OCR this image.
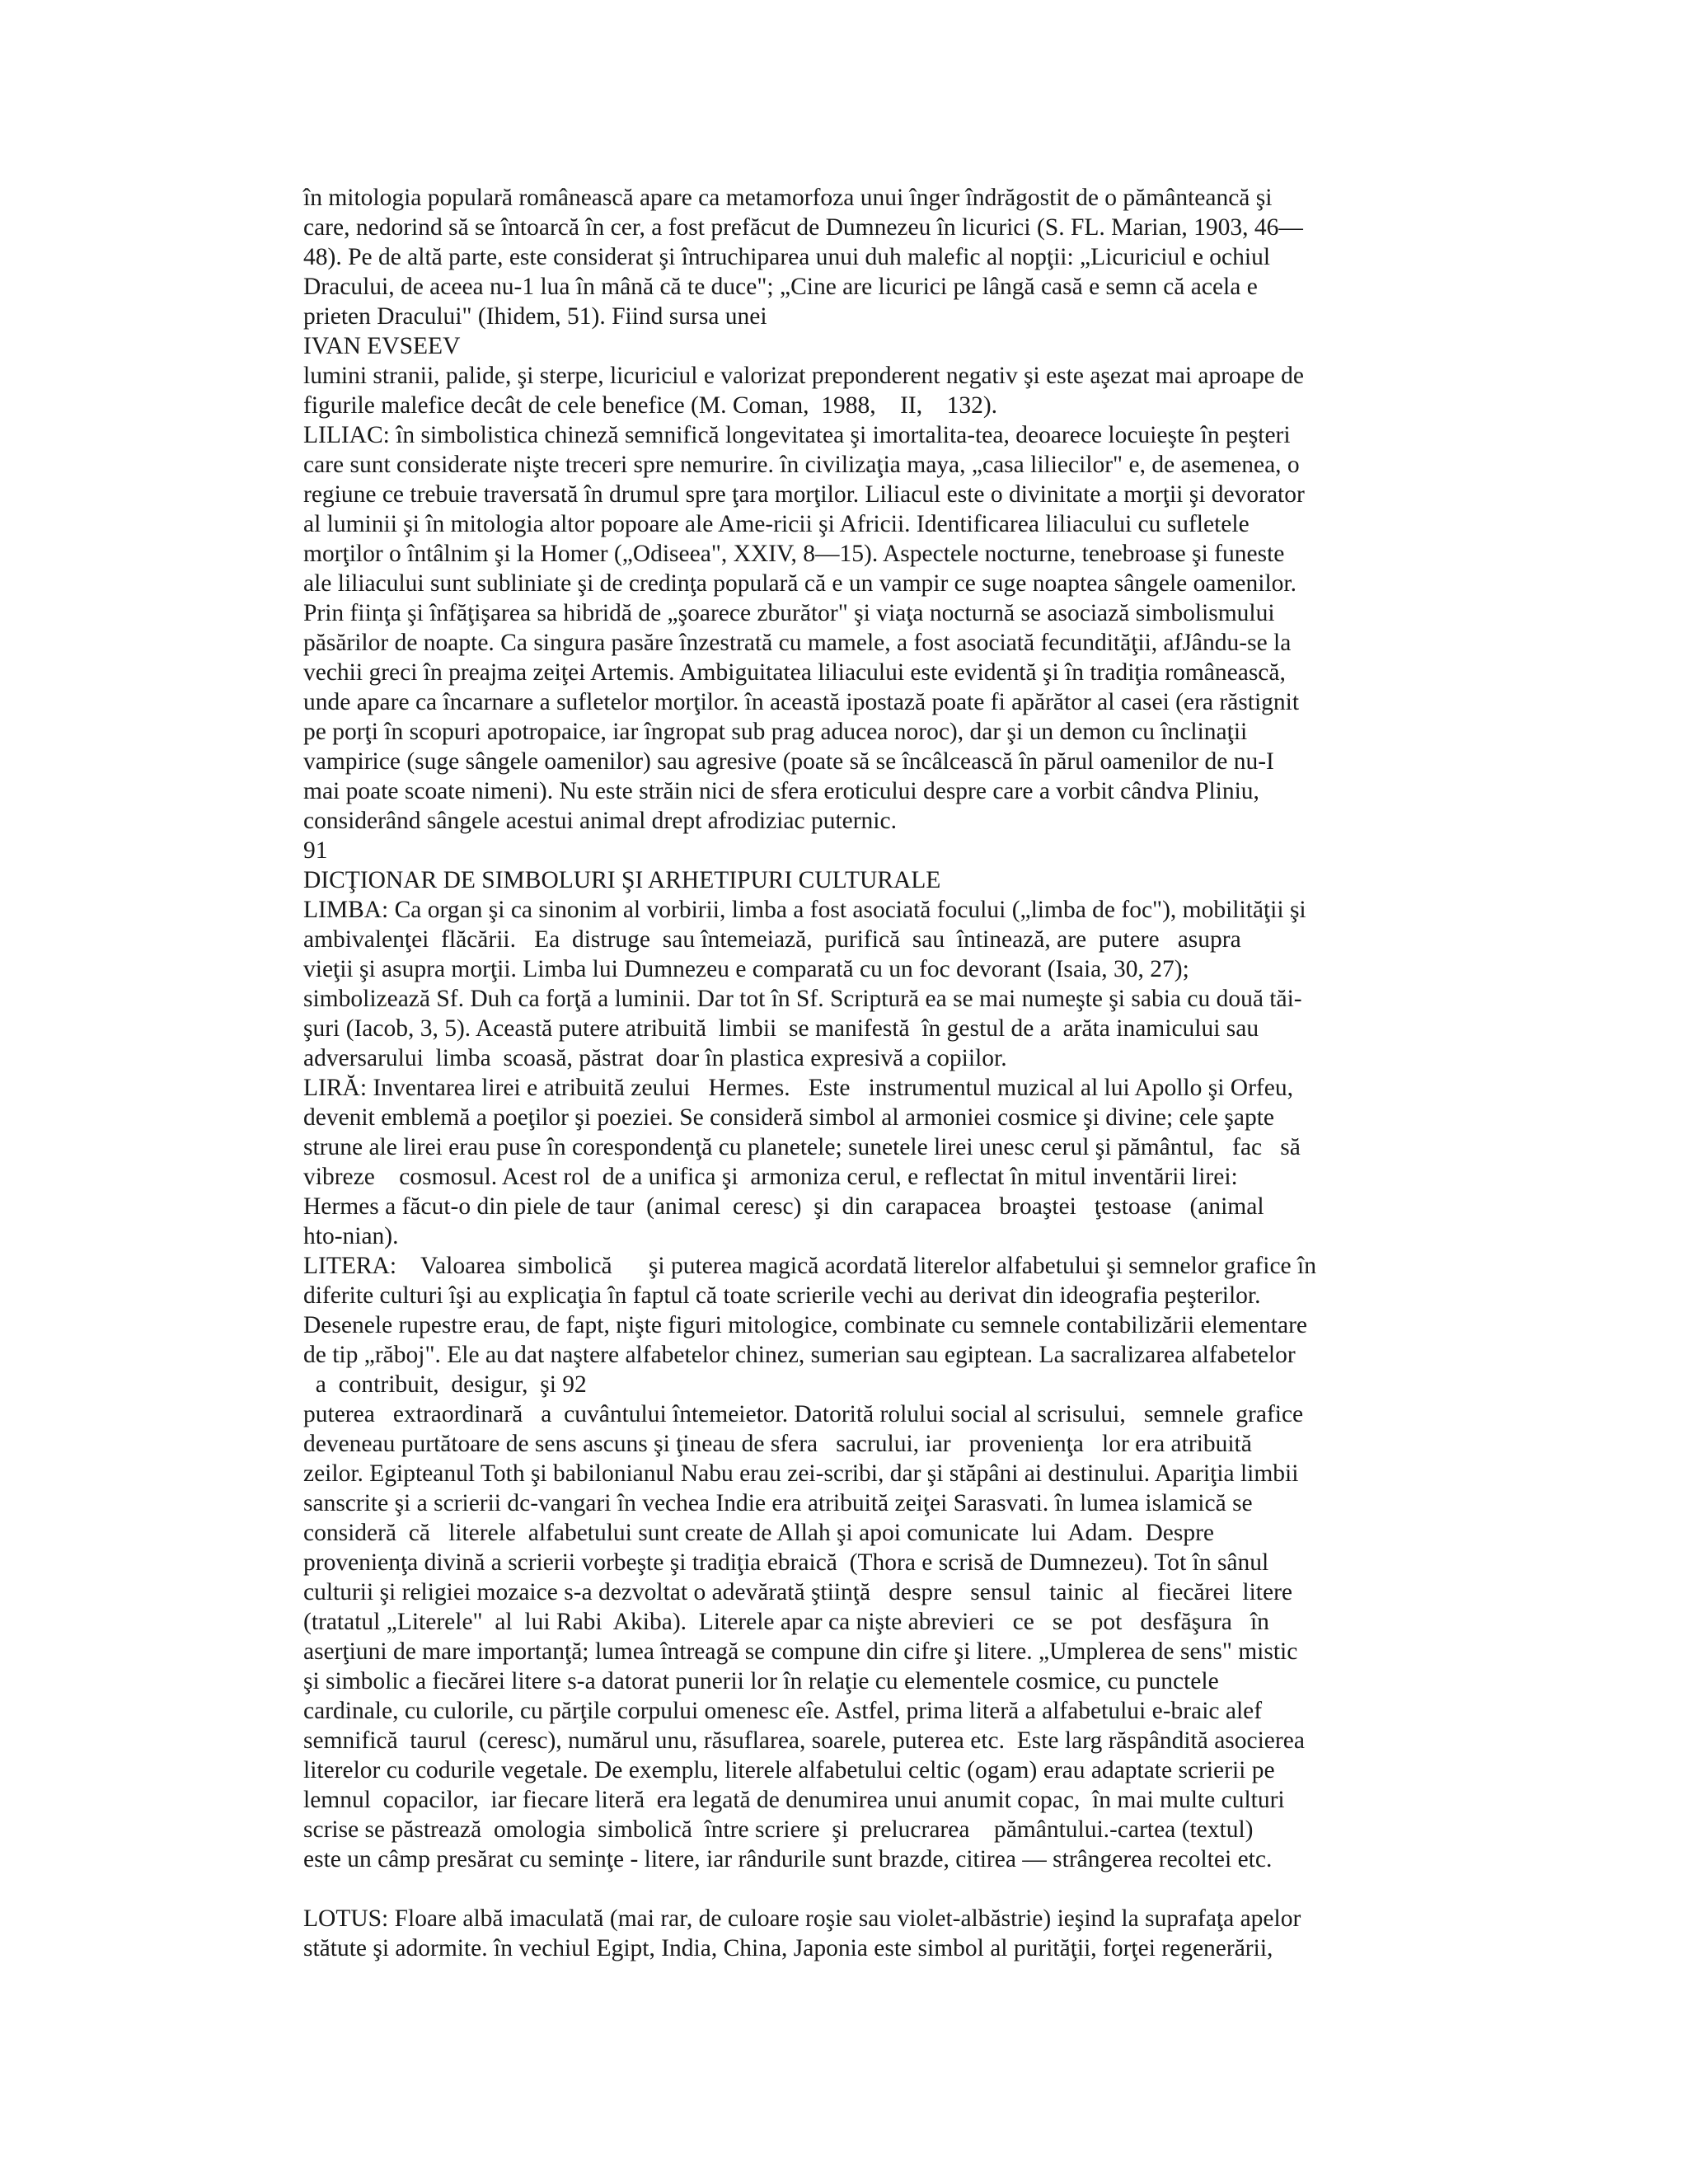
în mitologia populară românească apare ca metamorfoza unui înger îndrăgostit de o pământeancă şi
care, nedorind să se întoarcă în cer, a fost prefăcut de Dumnezeu în licurici (S. FL. Marian, 1903, 46—
48). Pe de altă parte, este considerat şi întruchiparea unui duh malefic al nopţii: „Licuriciul e ochiul
Dracului, de aceea nu-1 lua în mână că te duce"; „Cine are licurici pe lângă casă e semn că acela e
prieten Dracului" (Ihidem, 51). Fiind sursa unei
IVAN EVSEEV
lumini stranii, palide, şi sterpe, licuriciul e valorizat preponderent negativ şi este aşezat mai aproape de
figurile malefice decât de cele benefice (M. Coman,  1988,    II,    132).
LILIAC: în simbolistica chineză semnifică longevitatea şi imortalita-tea, deoarece locuieşte în peşteri
care sunt considerate nişte treceri spre nemurire. în civilizaţia maya, „casa liliecilor" e, de asemenea, o
regiune ce trebuie traversată în drumul spre ţara morţilor. Liliacul este o divinitate a morţii şi devorator
al luminii şi în mitologia altor popoare ale Ame-ricii şi Africii. Identificarea liliacului cu sufletele
morţilor o întâlnim şi la Homer („Odiseea", XXIV, 8—15). Aspectele nocturne, tenebroase şi funeste
ale liliacului sunt subliniate şi de credinţa populară că e un vampir ce suge noaptea sângele oamenilor.
Prin fiinţa şi înfăţişarea sa hibridă de „şoarece zburător" şi viaţa nocturnă se asociază simbolismului
păsărilor de noapte. Ca singura pasăre înzestrată cu mamele, a fost asociată fecundităţii, afJându-se la
vechii greci în preajma zeiţei Artemis. Ambiguitatea liliacului este evidentă şi în tradiţia românească,
unde apare ca încarnare a sufletelor morţilor. în această ipostază poate fi apărător al casei (era răstignit
pe porţi în scopuri apotropaice, iar îngropat sub prag aducea noroc), dar şi un demon cu înclinaţii
vampirice (suge sângele oamenilor) sau agresive (poate să se încâlcească în părul oamenilor de nu-I
mai poate scoate nimeni). Nu este străin nici de sfera eroticului despre care a vorbit cândva Pliniu,
considerând sângele acestui animal drept afrodiziac puternic.
91
DICŢIONAR DE SIMBOLURI ŞI ARHETIPURI CULTURALE
LIMBA: Ca organ şi ca sinonim al vorbirii, limba a fost asociată focului („limba de foc"), mobilităţii şi
ambivalenţei  flăcării.   Ea  distruge  sau întemeiază,  purifică  sau  întinează, are  putere   asupra
vieţii şi asupra morţii. Limba lui Dumnezeu e comparată cu un foc devorant (Isaia, 30, 27);
simbolizează Sf. Duh ca forţă a luminii. Dar tot în Sf. Scriptură ea se mai numeşte şi sabia cu două tăi-
şuri (Iacob, 3, 5). Această putere atribuită  limbii  se manifestă  în gestul de a  arăta inamicului sau
adversarului  limba  scoasă, păstrat  doar în plastica expresivă a copiilor.
LIRĂ: Inventarea lirei e atribuită zeului   Hermes.   Este   instrumentul muzical al lui Apollo şi Orfeu,
devenit emblemă a poeţilor şi poeziei. Se consideră simbol al armoniei cosmice şi divine; cele şapte
strune ale lirei erau puse în corespondenţă cu planetele; sunetele lirei unesc cerul şi pământul,   fac   să
vibreze    cosmosul. Acest rol  de a unifica şi  armoniza cerul, e reflectat în mitul inventării lirei:
Hermes a făcut-o din piele de taur  (animal  ceresc)  şi  din  carapacea   broaştei   ţestoase   (animal
hto-nian).
LITERA:    Valoarea  simbolică      şi puterea magică acordată literelor alfabetului şi semnelor grafice în
diferite culturi îşi au explicaţia în faptul că toate scrierile vechi au derivat din ideografia peşterilor.
Desenele rupestre erau, de fapt, nişte figuri mitologice, combinate cu semnele contabilizării elementare
de tip „răboj". Ele au dat naştere alfabetelor chinez, sumerian sau egiptean. La sacralizarea alfabetelor
a  contribuit,  desigur,  şi 92
puterea   extraordinară   a  cuvântului întemeietor. Datorită rolului social al scrisului,   semnele  grafice
deveneau purtătoare de sens ascuns şi ţineau de sfera   sacrului, iar   provenienţa   lor era atribuită
zeilor. Egipteanul Toth şi babilonianul Nabu erau zei-scribi, dar şi stăpâni ai destinului. Apariţia limbii
sanscrite şi a scrierii dc-vangari în vechea Indie era atribuită zeiţei Sarasvati. în lumea islamică se
consideră  că   literele  alfabetului sunt create de Allah şi apoi comunicate  lui  Adam.  Despre
provenienţa divină a scrierii vorbeşte şi tradiţia ebraică  (Thora e scrisă de Dumnezeu). Tot în sânul
culturii şi religiei mozaice s-a dezvoltat o adevărată ştiinţă   despre   sensul   tainic   al   fiecărei  litere
(tratatul „Literele"  al  lui Rabi  Akiba).  Literele apar ca nişte abrevieri   ce   se   pot   desfăşura   în
aserţiuni de mare importanţă; lumea întreagă se compune din cifre şi litere. „Umplerea de sens" mistic
şi simbolic a fiecărei litere s-a datorat punerii lor în relaţie cu elementele cosmice, cu punctele
cardinale, cu culorile, cu părţile corpului omenesc eîe. Astfel, prima literă a alfabetului e-braic alef
semnifică  taurul  (ceresc), numărul unu, răsuflarea, soarele, puterea etc.  Este larg răspândită asocierea
literelor cu codurile vegetale. De exemplu, literele alfabetului celtic (ogam) erau adaptate scrierii pe
lemnul  copacilor,  iar fiecare literă  era legată de denumirea unui anumit copac,  în mai multe culturi
scrise se păstrează  omologia  simbolică  între scriere  şi  prelucrarea    pământului.-cartea (textul)
este un câmp presărat cu seminţe - litere, iar rândurile sunt brazde, citirea — strângerea recoltei etc.
LOTUS: Floare albă imaculată (mai rar, de culoare roşie sau violet-albăstrie) ieşind la suprafaţa apelor
stătute şi adormite. în vechiul Egipt, India, China, Japonia este simbol al purităţii, forţei regenerării,
